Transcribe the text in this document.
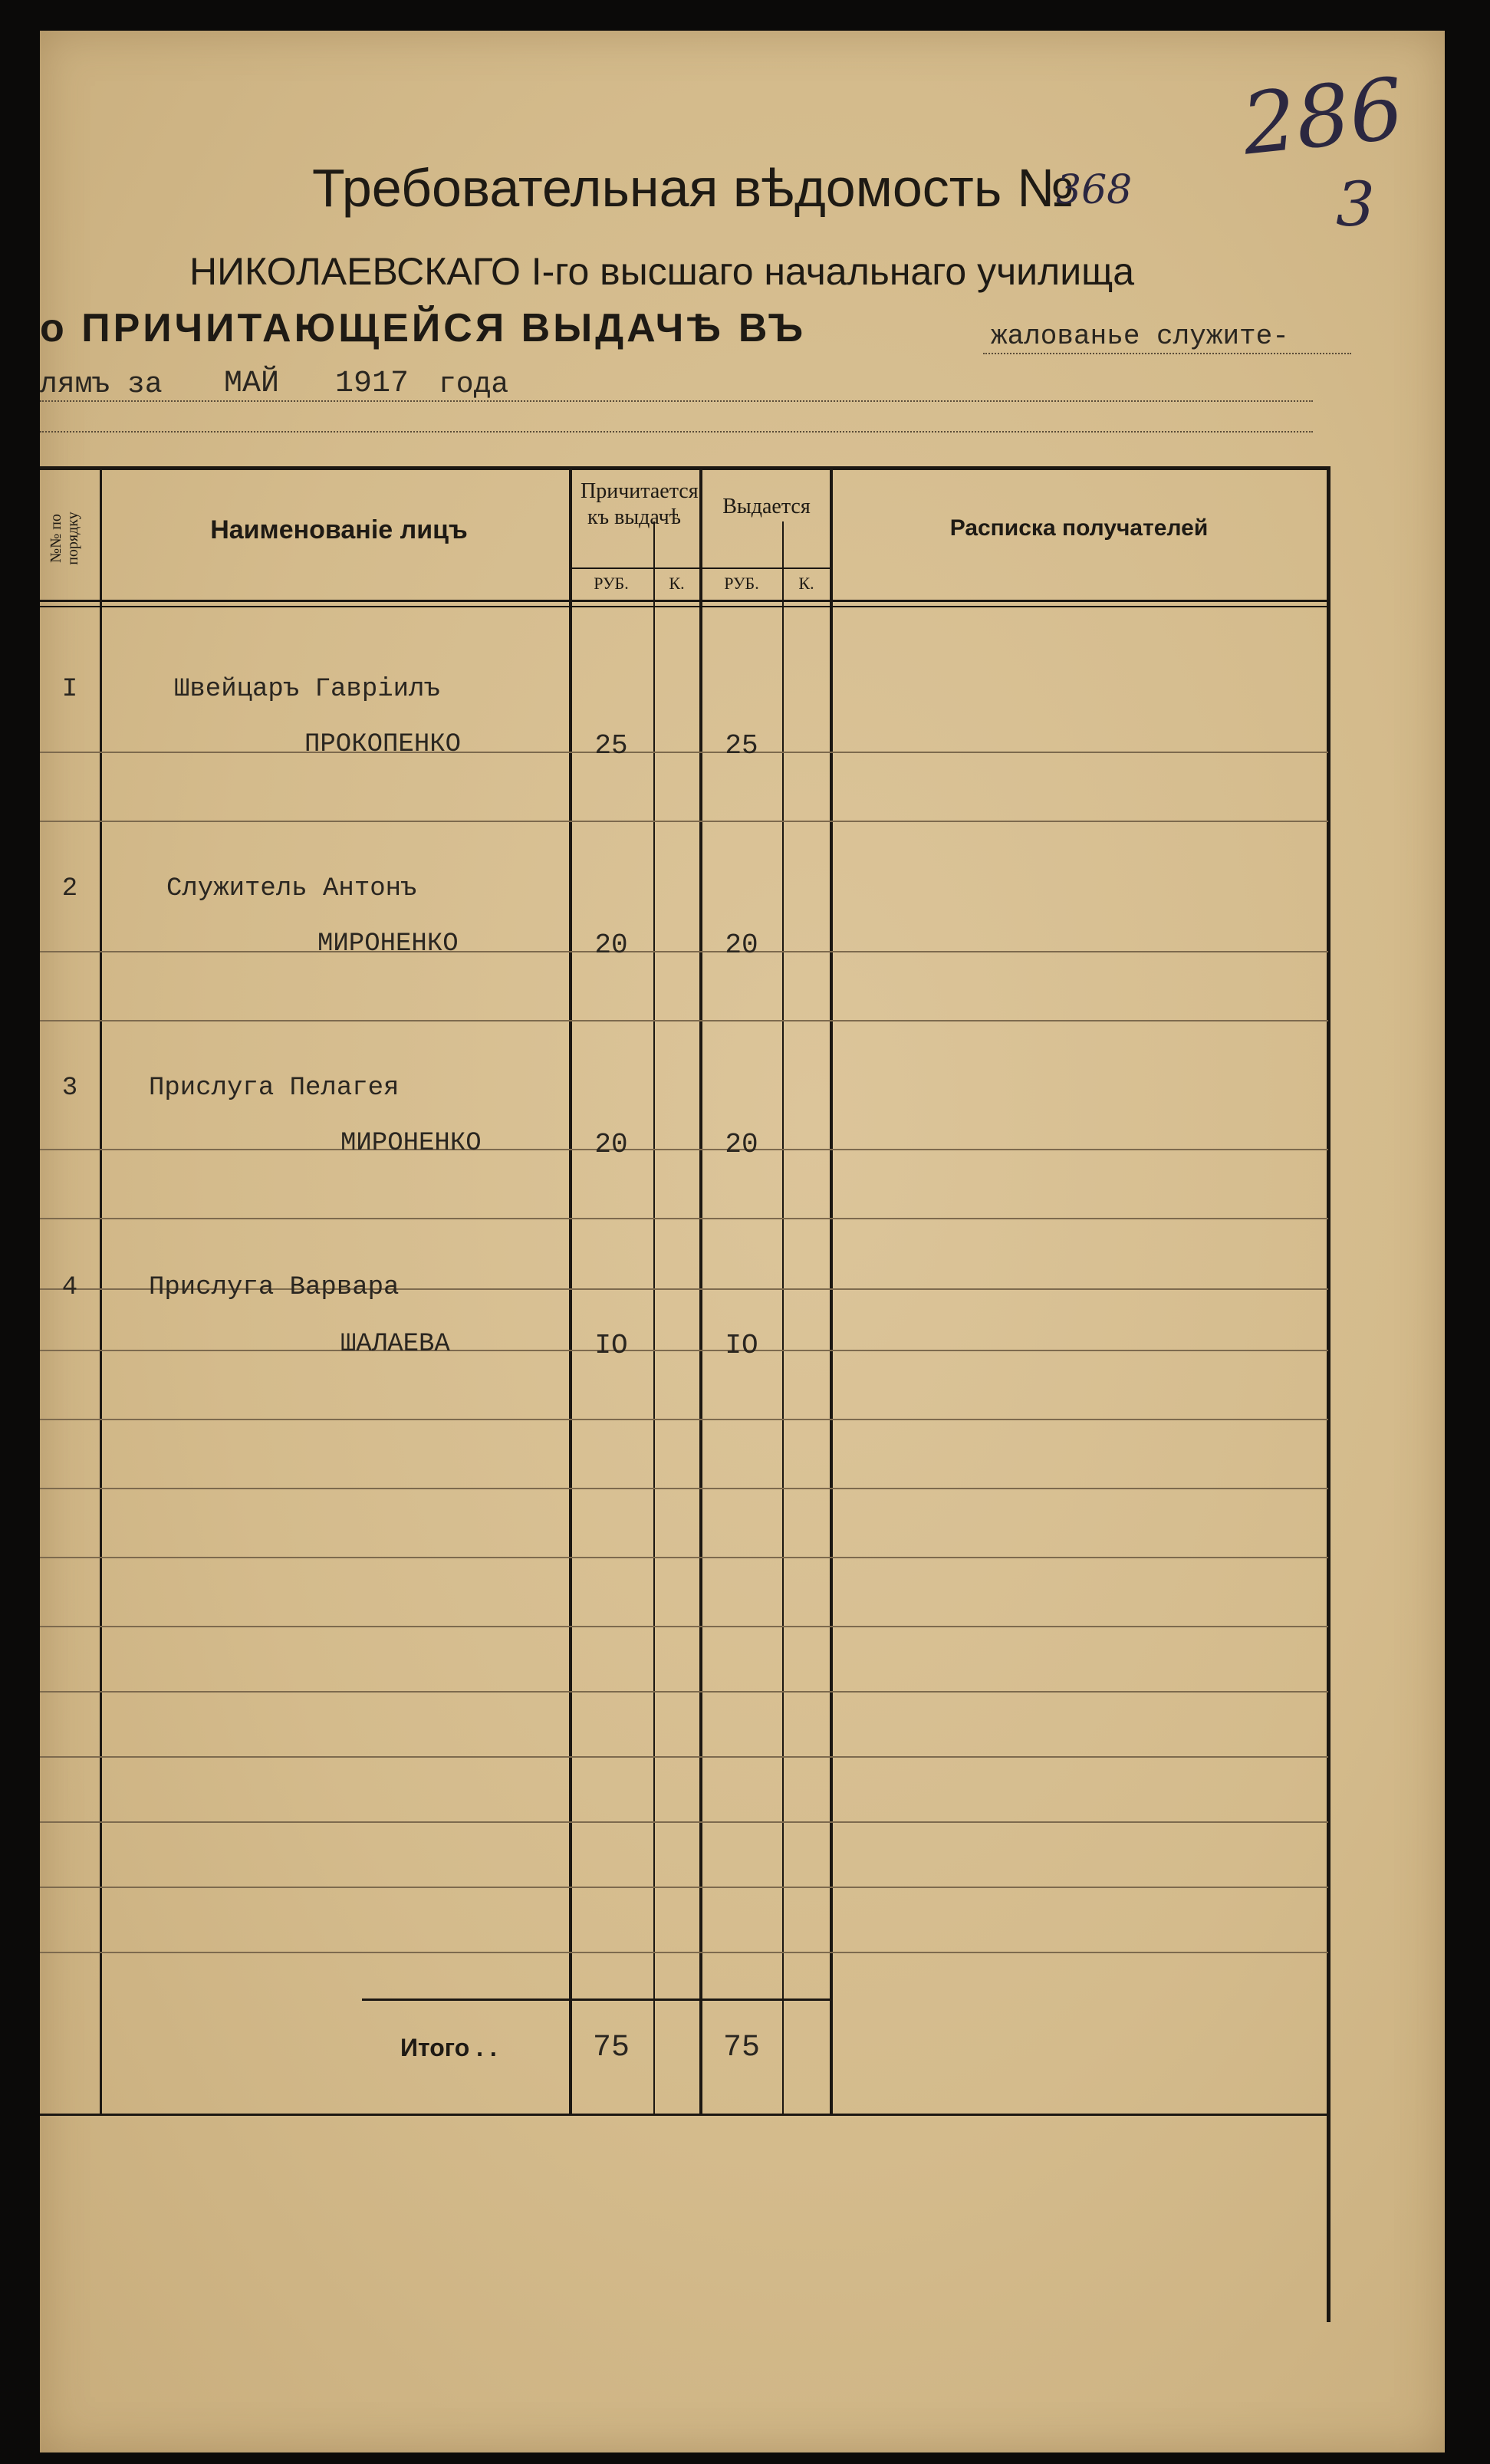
286
3
Требовательная вѣдомость №
368
НИКОЛАЕВСКАГО І-го высшаго начальнаго училища
о ПРИЧИТАЮЩЕЙСЯ ВЫДАЧѢ ВЪ	жалованье служите-
лямъ за МАЙ 1917 года
№№ по порядку	Наименованіе лицъ
Причитается къ выдачѣ	Выдается
Расписка получателей
РУБ.	К.	РУБ.	К.
I	Швейцаръ Гавріилъ
ПРОКОПЕНКО	25	25
2	Служитель Антонъ
МИРОНЕНКО	20	20
3	Прислуга Пелагея
МИРОНЕНКО	20	20
4	Прислуга Варвара
ШАЛАЕВА	IO	IO
Итого . .	75	75
